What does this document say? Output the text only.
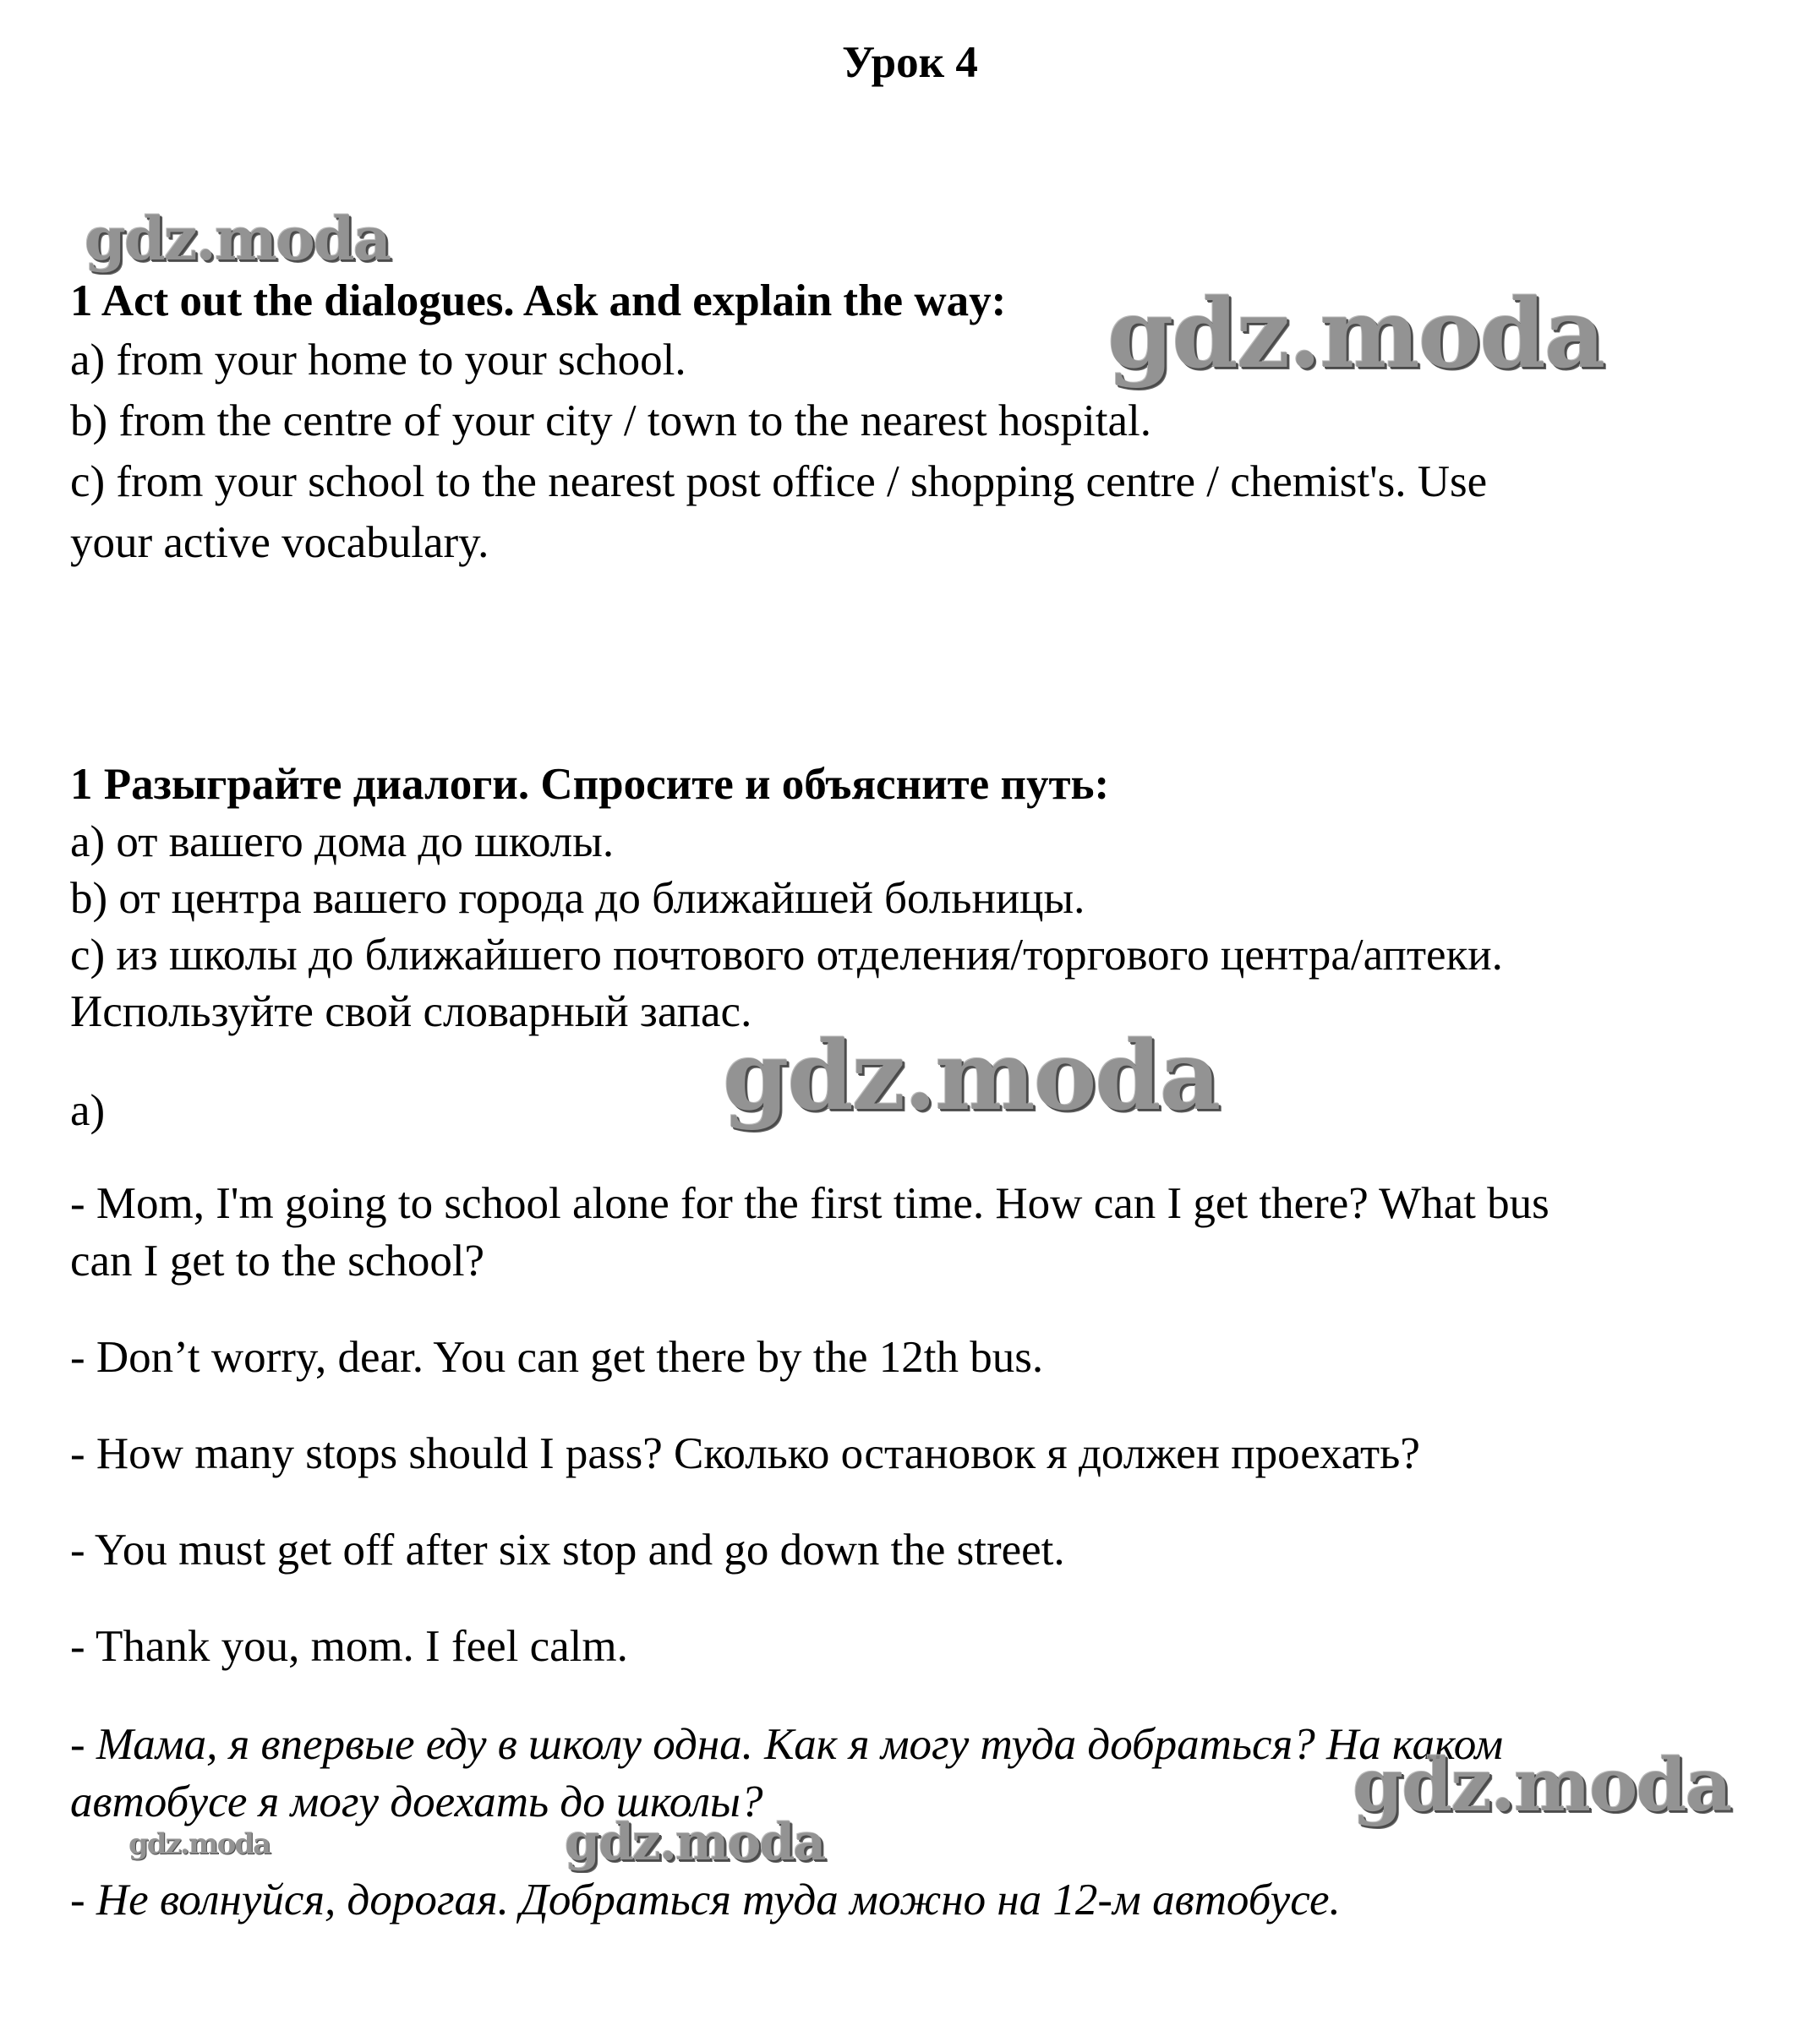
Урок 4
1 Act out the dialogues. Ask and explain the way:
a) from your home to your school.
b) from the centre of your city / town to the nearest hospital.
c) from your school to the nearest post office / shopping centre / chemist's. Use
your active vocabulary.
1 Разыграйте диалоги. Спросите и объясните путь:
a) от вашего дома до школы.
b) от центра вашего города до ближайшей больницы.
c) из школы до ближайшего почтового отделения/торгового центра/аптеки.
Используйте свой словарный запас.
a)
- Mom, I'm going to school alone for the first time. How can I get there? What bus
can I get to the school?
- Don’t worry, dear. You can get there by the 12th bus.
- How many stops should I pass? Сколько остановок я должен проехать?
- You must get off after six stop and go down the street.
- Thank you, mom. I feel calm.
- Мама, я впервые еду в школу одна. Как я могу туда добраться? На каком
автобусе я могу доехать до школы?
- Не волнуйся, дорогая. Добраться туда можно на 12-м автобусе.
gdz.moda
gdz.moda
gdz.moda
gdz.moda
gdz.moda
gdz.moda
